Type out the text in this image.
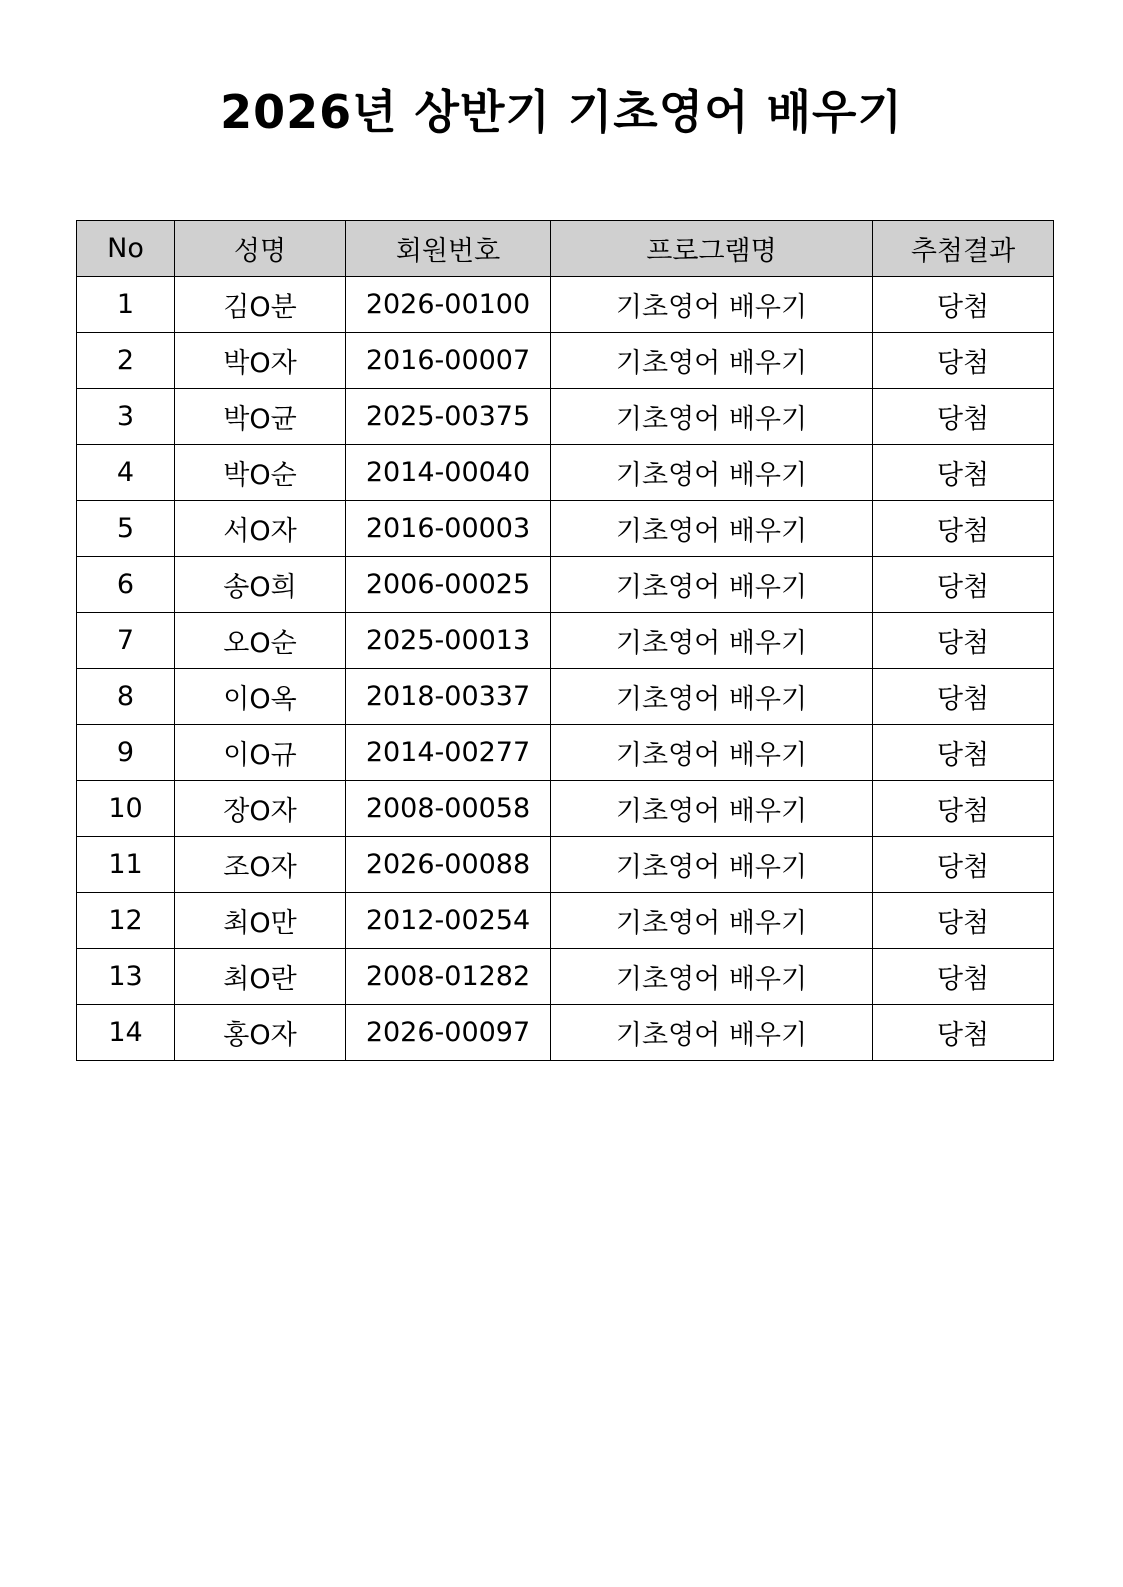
2026년 상반기 기초영어 배우기
No	성명	회원번호	프로그램명	추첨결과
1	김O분	2026-00100	기초영어 배우기	당첨
2	박O자	2016-00007	기초영어 배우기	당첨
3	박O균	2025-00375	기초영어 배우기	당첨
4	박O순	2014-00040	기초영어 배우기	당첨
5	서O자	2016-00003	기초영어 배우기	당첨
6	송O희	2006-00025	기초영어 배우기	당첨
7	오O순	2025-00013	기초영어 배우기	당첨
8	이O옥	2018-00337	기초영어 배우기	당첨
9	이O규	2014-00277	기초영어 배우기	당첨
10	장O자	2008-00058	기초영어 배우기	당첨
11	조O자	2026-00088	기초영어 배우기	당첨
12	최O만	2012-00254	기초영어 배우기	당첨
13	최O란	2008-01282	기초영어 배우기	당첨
14	홍O자	2026-00097	기초영어 배우기	당첨
